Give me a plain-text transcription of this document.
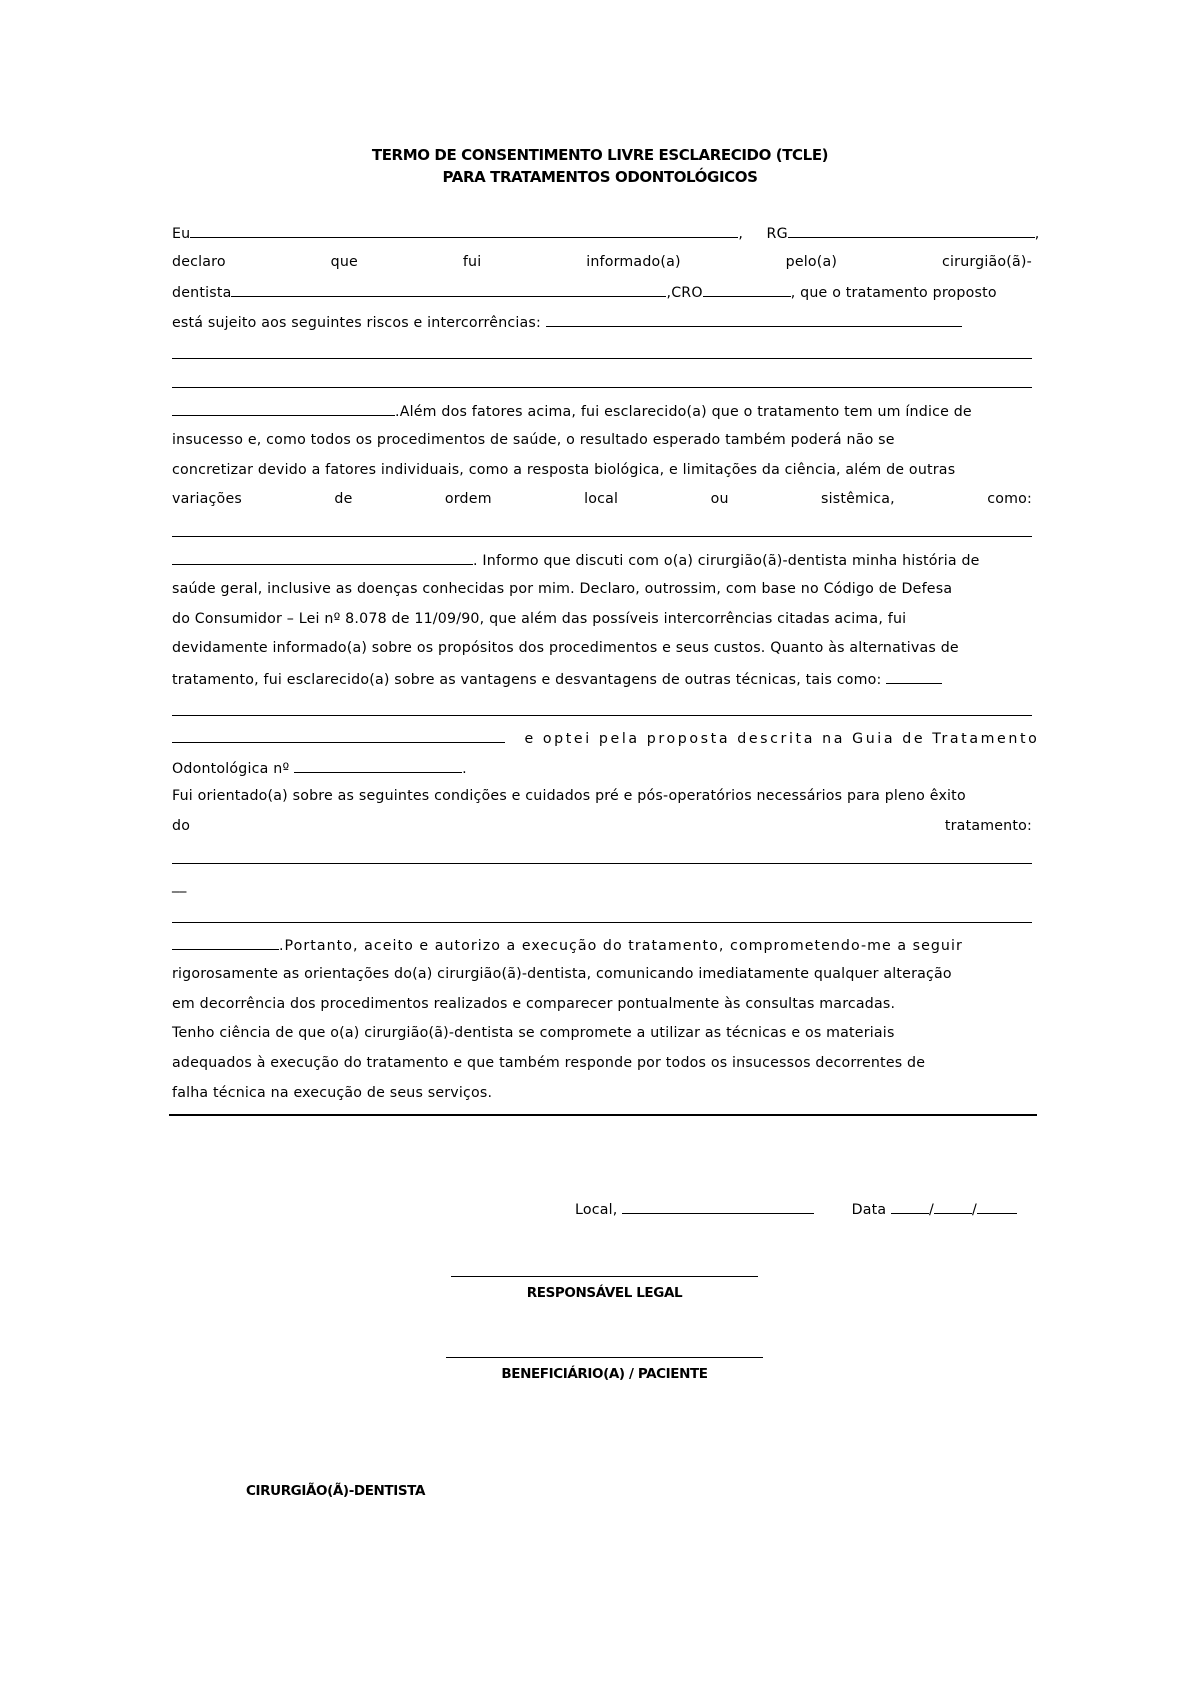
TERMO DE CONSENTIMENTO LIVRE ESCLARECIDO (TCLE)
PARA TRATAMENTOS ODONTOLÓGICOS
Eu	, RG	,
declaro	que	fui	informado(a)	pelo(a)	cirurgião(ã)-
dentista	,CRO	, que o tratamento proposto
está sujeito aos seguintes riscos e intercorrências:
.Além dos fatores acima, fui esclarecido(a) que o tratamento tem um índice de
insucesso e, como todos os procedimentos de saúde, o resultado esperado também poderá não se
concretizar devido a fatores individuais, como a resposta biológica, e limitações da ciência, além de outras
variações	de	ordem	local	ou	sistêmica,	como:
. Informo que discuti com o(a) cirurgião(ã)-dentista minha história de
saúde geral, inclusive as doenças conhecidas por mim. Declaro, outrossim, com base no Código de Defesa
do Consumidor – Lei nº 8.078 de 11/09/90, que além das possíveis intercorrências citadas acima, fui
devidamente informado(a) sobre os propósitos dos procedimentos e seus custos. Quanto às alternativas de
tratamento, fui esclarecido(a) sobre as vantagens e desvantagens de outras técnicas, tais como:
e optei pela proposta descrita na Guia de Tratamento
Odontológica nº	.
Fui orientado(a) sobre as seguintes condições e cuidados pré e pós-operatórios necessários para pleno êxito
do	tratamento:
__
.Portanto, aceito e autorizo a execução do tratamento, comprometendo-me a seguir
rigorosamente as orientações do(a) cirurgião(ã)-dentista, comunicando imediatamente qualquer alteração
em decorrência dos procedimentos realizados e comparecer pontualmente às consultas marcadas.
Tenho ciência de que o(a) cirurgião(ã)-dentista se compromete a utilizar as técnicas e os materiais
adequados à execução do tratamento e que também responde por todos os insucessos decorrentes de
falha técnica na execução de seus serviços.
Local,	Data	/	/
RESPONSÁVEL LEGAL
BENEFICIÁRIO(A) / PACIENTE
CIRURGIÃO(Ã)-DENTISTA
